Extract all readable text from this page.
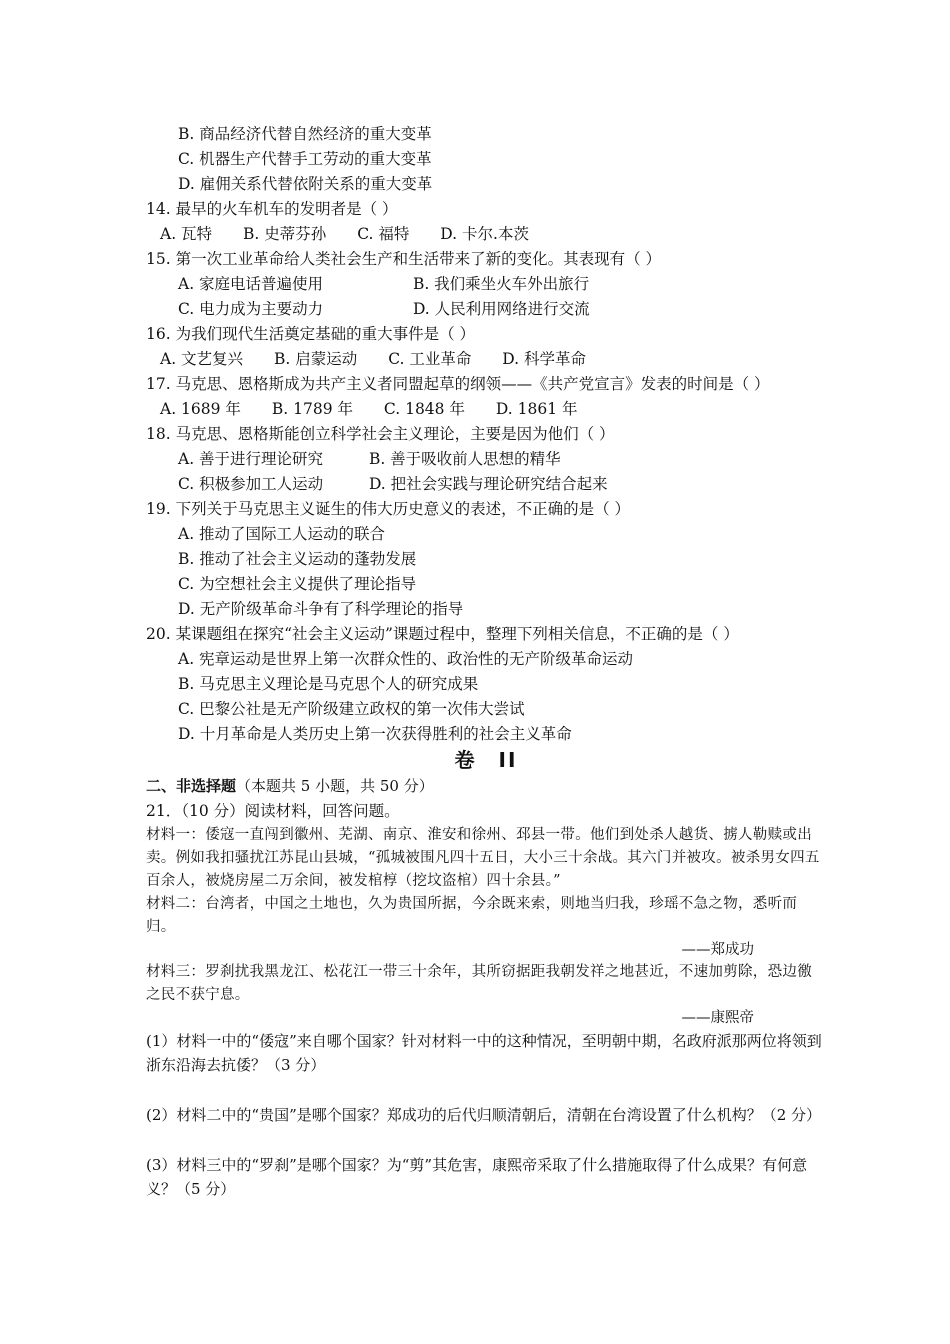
B. 商品经济代替自然经济的重大变革
C. 机器生产代替手工劳动的重大变革
D. 雇佣关系代替依附关系的重大变革
14. 最早的火车机车的发明者是（ ）
A. 瓦特 B. 史蒂芬孙 C. 福特 D. 卡尔.本茨
15. 第一次工业革命给人类社会生产和生活带来了新的变化。其表现有（ ）
A. 家庭电话普遍使用	B. 我们乘坐火车外出旅行
C. 电力成为主要动力	D. 人民利用网络进行交流
16. 为我们现代生活奠定基础的重大事件是（ ）
A. 文艺复兴 B. 启蒙运动 C. 工业革命 D. 科学革命
17. 马克思、恩格斯成为共产主义者同盟起草的纲领——《共产党宣言》发表的时间是（ ）
A. 1689 年 B. 1789 年 C. 1848 年 D. 1861 年
18. 马克思、恩格斯能创立科学社会主义理论，主要是因为他们（ ）
A. 善于进行理论研究	B. 善于吸收前人思想的精华
C. 积极参加工人运动	D. 把社会实践与理论研究结合起来
19. 下列关于马克思主义诞生的伟大历史意义的表述，不正确的是（ ）
A. 推动了国际工人运动的联合
B. 推动了社会主义运动的蓬勃发展
C. 为空想社会主义提供了理论指导
D. 无产阶级革命斗争有了科学理论的指导
20. 某课题组在探究“社会主义运动”课题过程中，整理下列相关信息，不正确的是（ ）
A. 宪章运动是世界上第一次群众性的、政治性的无产阶级革命运动
B. 马克思主义理论是马克思个人的研究成果
C. 巴黎公社是无产阶级建立政权的第一次伟大尝试
D. 十月革命是人类历史上第一次获得胜利的社会主义革命
卷　II
二、非选择题（本题共 5 小题，共 50 分）
21．（10 分）阅读材料，回答问题。

材料一：倭寇一直闯到徽州、芜湖、南京、淮安和徐州、邳县一带。他们到处杀人越货、掳人勒赎或出卖。例如我扣骚扰江苏昆山县城，“孤城被围凡四十五日，大小三十余战。其六门并被攻。被杀男女四五百余人，被烧房屋二万余间，被发棺椁（挖坟盗棺）四十余县。”

材料二：台湾者，中国之土地也，久为贵国所据，今余既来索，则地当归我，珍瑶不急之物，悉听而归。

——郑成功

材料三：罗刹扰我黑龙江、松花江一带三十余年，其所窃据距我朝发祥之地甚近，不速加剪除，恐边徼之民不获宁息。

——康熙帝

(1）材料一中的“倭寇”来自哪个国家？针对材料一中的这种情况，至明朝中期，名政府派那两位将领到浙东沿海去抗倭？（3 分）

(2）材料二中的“贵国”是哪个国家？郑成功的后代归顺清朝后，清朝在台湾设置了什么机构？（2 分）

(3）材料三中的“罗刹”是哪个国家？为“剪”其危害，康熙帝采取了什么措施取得了什么成果？有何意义？（5 分）
